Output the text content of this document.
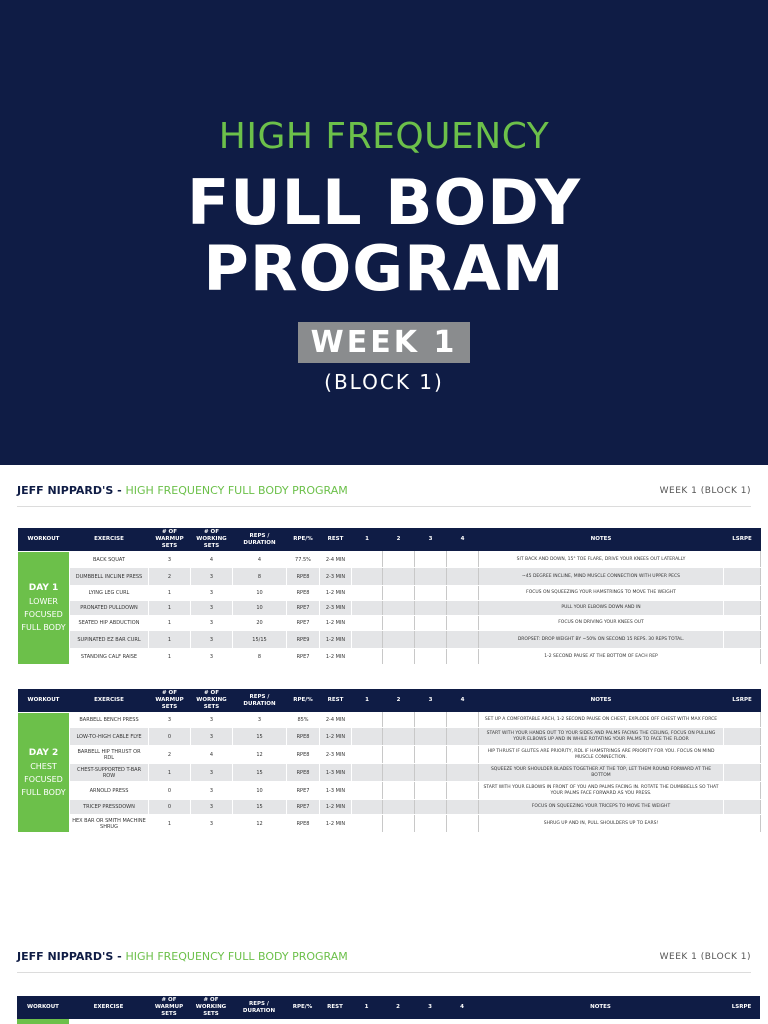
HIGH FREQUENCY
FULL BODY
PROGRAM
WEEK 1
(BLOCK 1)
JEFF NIPPARD'S - HIGH FREQUENCY FULL BODY PROGRAM	WEEK 1 (BLOCK 1)
WORKOUT	EXERCISE	# OF WARMUP SETS	# OF WORKING SETS	REPS / DURATION	RPE/%	REST	1	2	3	4	NOTES	LSRPE

DAY 1
LOWER FOCUSED FULL BODY	BACK SQUAT	3	4	4	77.5%	2-4 MIN					SIT BACK AND DOWN, 15° TOE FLARE, DRIVE YOUR KNEES OUT LATERALLY	
	DUMBBELL INCLINE PRESS	2	3	8	RPE8	2-3 MIN					~45 DEGREE INCLINE, MIND MUSCLE CONNECTION WITH UPPER PECS	
	LYING LEG CURL	1	3	10	RPE8	1-2 MIN					FOCUS ON SQUEEZING YOUR HAMSTRINGS TO MOVE THE WEIGHT	
	PRONATED PULLDOWN	1	3	10	RPE7	2-3 MIN					PULL YOUR ELBOWS DOWN AND IN	
	SEATED HIP ABDUCTION	1	3	20	RPE7	1-2 MIN					FOCUS ON DRIVING YOUR KNEES OUT	
	SUPINATED EZ BAR CURL	1	3	15/15	RPE9	1-2 MIN					DROPSET: DROP WEIGHT BY ~50% ON SECOND 15 REPS. 30 REPS TOTAL.	
	STANDING CALF RAISE	1	3	8	RPE7	1-2 MIN					1-2 SECOND PAUSE AT THE BOTTOM OF EACH REP	
WORKOUT	EXERCISE	# OF WARMUP SETS	# OF WORKING SETS	REPS / DURATION	RPE/%	REST	1	2	3	4	NOTES	LSRPE

DAY 2
CHEST FOCUSED FULL BODY	BARBELL BENCH PRESS	3	3	3	85%	2-4 MIN					SET UP A COMFORTABLE ARCH, 1-2 SECOND PAUSE ON CHEST, EXPLODE OFF CHEST WITH MAX FORCE	
	LOW-TO-HIGH CABLE FLYE	0	3	15	RPE8	1-2 MIN					START WITH YOUR HANDS OUT TO YOUR SIDES AND PALMS FACING THE CEILING, FOCUS ON PULLING YOUR ELBOWS UP AND IN WHILE ROTATING YOUR PALMS TO FACE THE FLOOR	
	BARBELL HIP THRUST OR RDL	2	4	12	RPE8	2-3 MIN					HIP THRUST IF GLUTES ARE PRIORITY, RDL IF HAMSTRINGS ARE PRIORITY FOR YOU. FOCUS ON MIND MUSCLE CONNECTION.	
	CHEST-SUPPORTED T-BAR ROW	1	3	15	RPE8	1-3 MIN					SQUEEZE YOUR SHOULDER BLADES TOGETHER AT THE TOP, LET THEM ROUND FORWARD AT THE BOTTOM	
	ARNOLD PRESS	0	3	10	RPE7	1-3 MIN					START WITH YOUR ELBOWS IN FRONT OF YOU AND PALMS FACING IN. ROTATE THE DUMBBELLS SO THAT YOUR PALMS FACE FORWARD AS YOU PRESS.	
	TRICEP PRESSDOWN	0	3	15	RPE7	1-2 MIN					FOCUS ON SQUEEZING YOUR TRICEPS TO MOVE THE WEIGHT	
	HEX BAR OR SMITH MACHINE SHRUG	1	3	12	RPE8	1-2 MIN					SHRUG UP AND IN, PULL SHOULDERS UP TO EARS!	
JEFF NIPPARD'S - HIGH FREQUENCY FULL BODY PROGRAM	WEEK 1 (BLOCK 1)
WORKOUT	EXERCISE	# OF WARMUP SETS	# OF WORKING SETS	REPS / DURATION	RPE/%	REST	1	2	3	4	NOTES	LSRPE
